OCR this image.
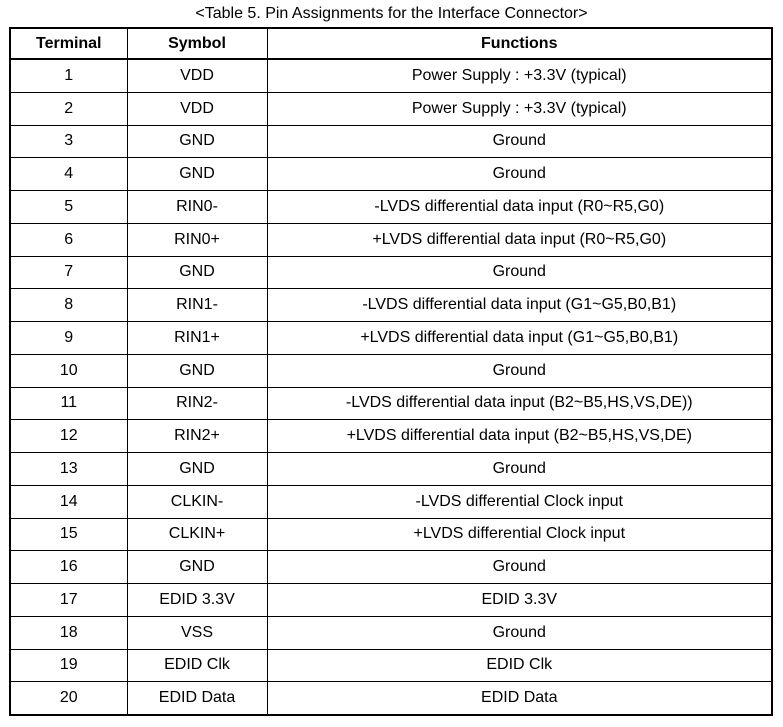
<Table 5. Pin Assignments for the Interface Connector>
Terminal	Symbol	Functions
1	VDD	Power Supply : +3.3V (typical)
2	VDD	Power Supply : +3.3V (typical)
3	GND	Ground
4	GND	Ground
5	RIN0-	-LVDS differential data input (R0~R5,G0)
6	RIN0+	+LVDS differential data input (R0~R5,G0)
7	GND	Ground
8	RIN1-	-LVDS differential data input (G1~G5,B0,B1)
9	RIN1+	+LVDS differential data input (G1~G5,B0,B1)
10	GND	Ground
11	RIN2-	-LVDS differential data input (B2~B5,HS,VS,DE))
12	RIN2+	+LVDS differential data input (B2~B5,HS,VS,DE)
13	GND	Ground
14	CLKIN-	-LVDS differential Clock input
15	CLKIN+	+LVDS differential Clock input
16	GND	Ground
17	EDID 3.3V	EDID 3.3V
18	VSS	Ground
19	EDID Clk	EDID Clk
20	EDID Data	EDID Data
